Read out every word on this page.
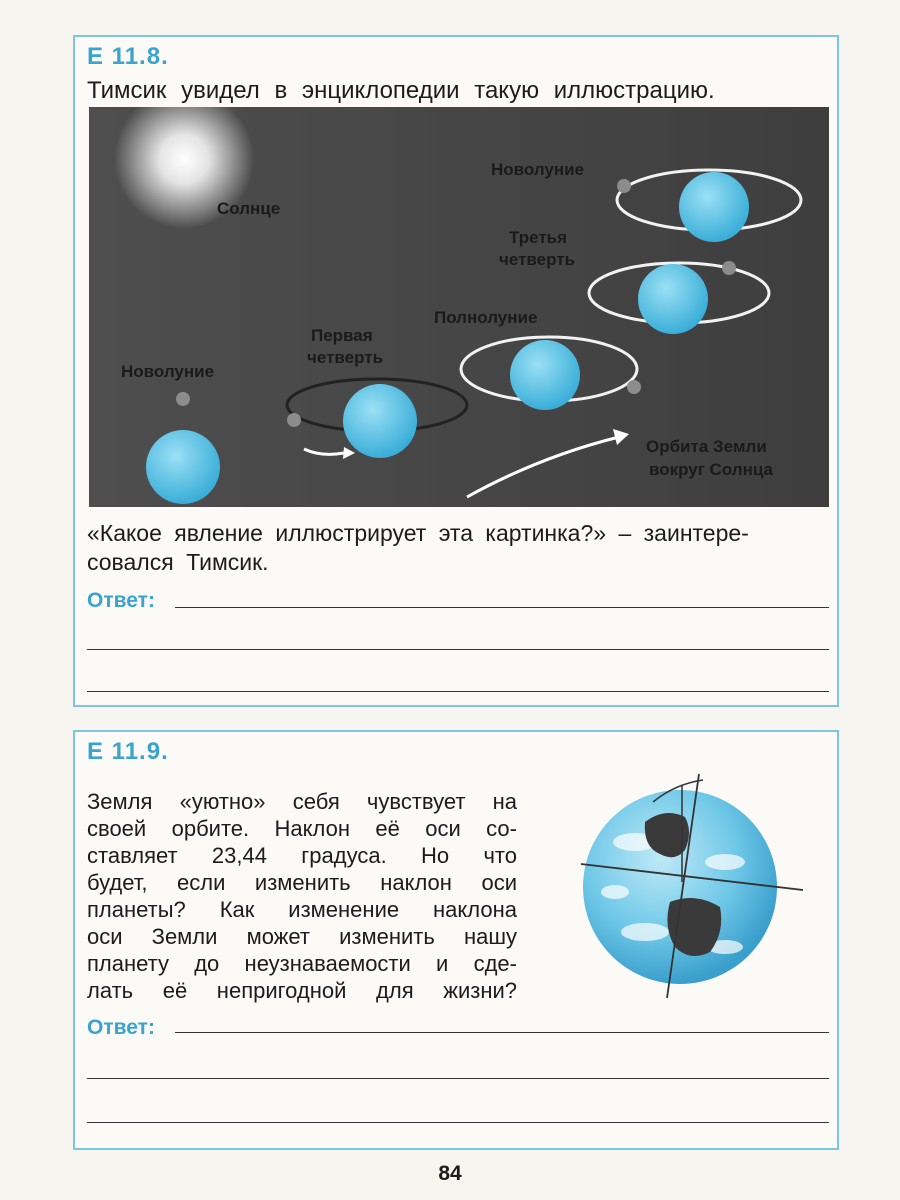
Е 11.8.
Тимсик увидел в энциклопедии такую иллюстрацию.
Солнце
Новолуние
Первая
четверть
Полнолуние
Третья
четверть
Новолуние
Орбита Земли
вокруг Солнца
«Какое явление иллюстрирует эта картинка?» – заинтере-
совался Тимсик.
Ответ:
Е 11.9.
Земля «уютно» себя чувствует на
своей орбите. Наклон её оси со-
ставляет 23,44 градуса. Но что
будет, если изменить наклон оси
планеты? Как изменение наклона
оси Земли может изменить нашу
планету до неузнаваемости и сде-
лать её непригодной для жизни?
Ответ:
84
